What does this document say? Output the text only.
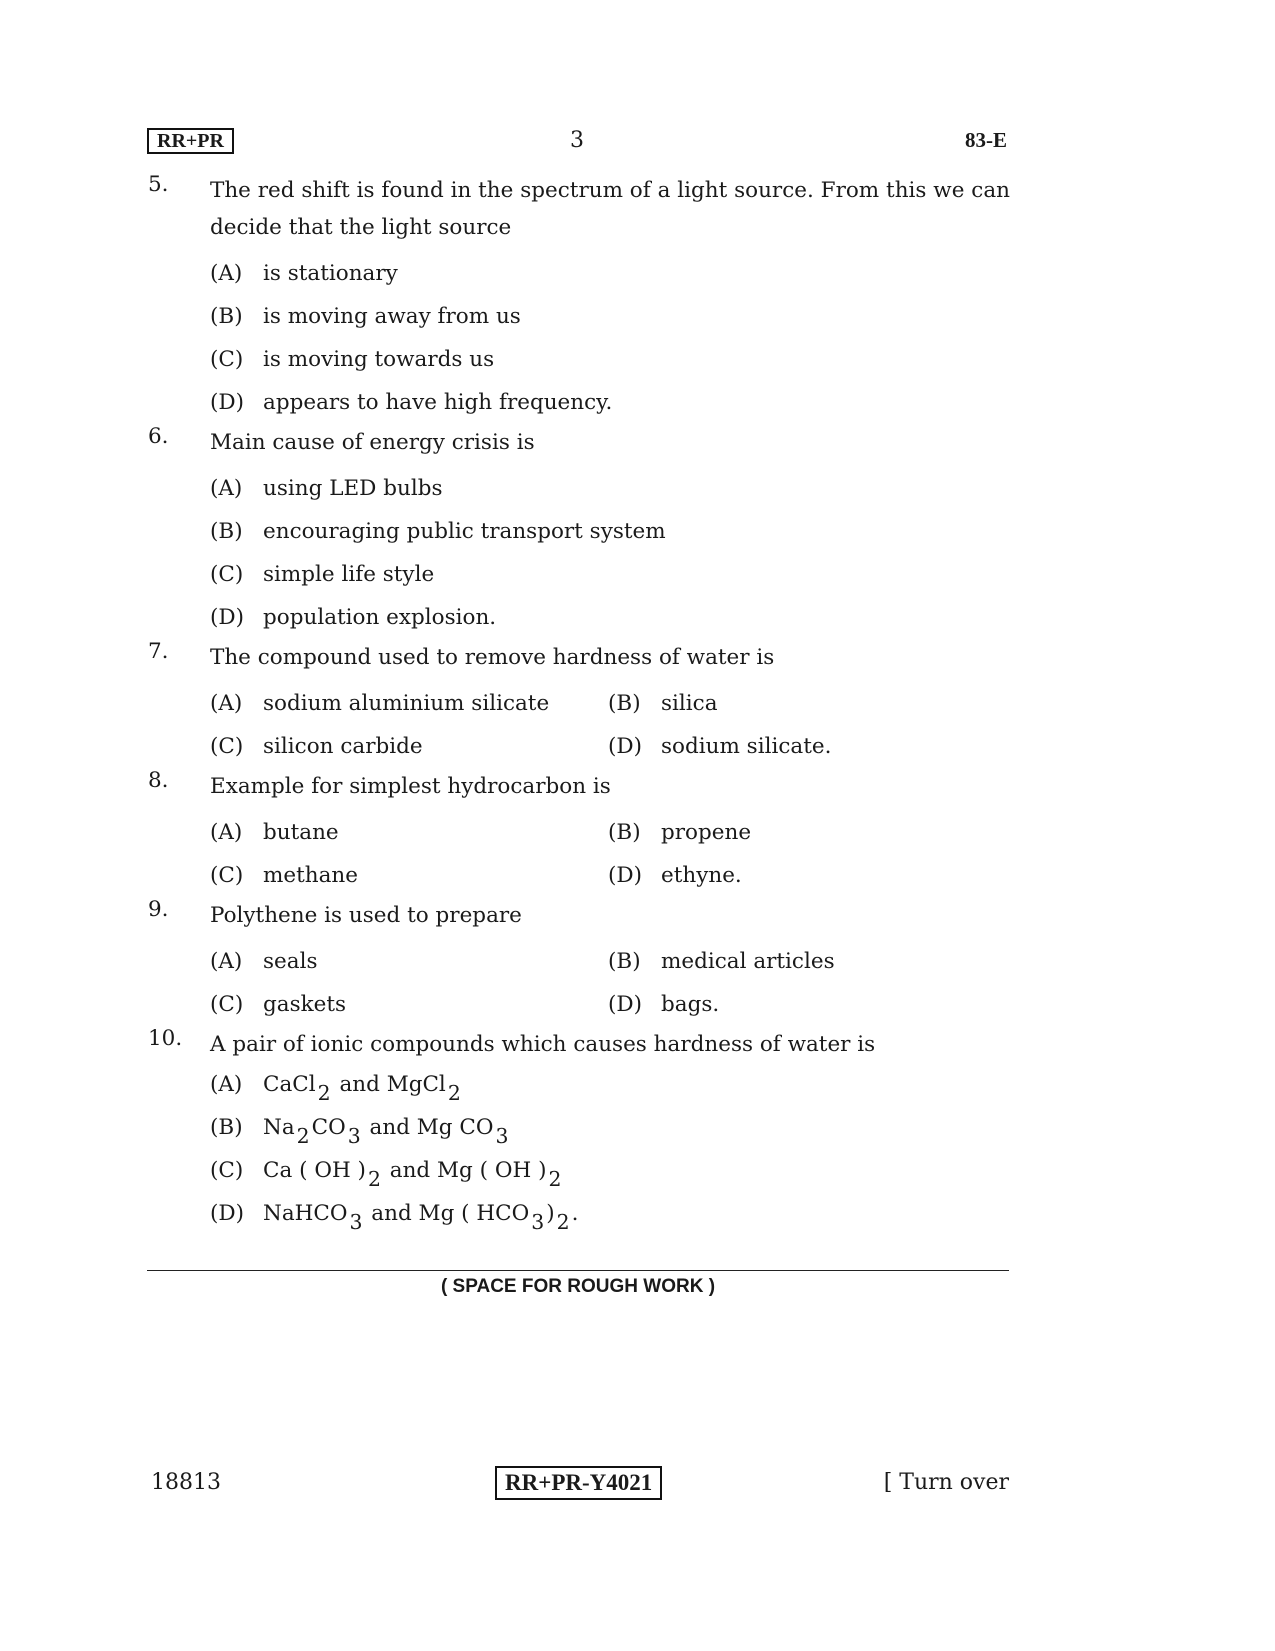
RR+PR	3	83-E
5. The red shift is found in the spectrum of a light source. From this we can decide that the light source
(A) is stationary
(B) is moving away from us
(C) is moving towards us
(D) appears to have high frequency.
6. Main cause of energy crisis is
(A) using LED bulbs
(B) encouraging public transport system
(C) simple life style
(D) population explosion.
7. The compound used to remove hardness of water is
(A) sodium aluminium silicate	(B) silica
(C) silicon carbide	(D) sodium silicate.
8. Example for simplest hydrocarbon is
(A) butane	(B) propene
(C) methane	(D) ethyne.
9. Polythene is used to prepare
(A) seals	(B) medical articles
(C) gaskets	(D) bags.
10. A pair of ionic compounds which causes hardness of water is
(A) CaCl$_2$ and MgCl$_2$
(B) $Na_2CO_3$ and Mg $CO_3$
(C) Ca ( OH )$_2$ and Mg ( OH )$_2$
(D) NaHCO$_3$ and Mg ( $HCO_3)_2$.
( SPACE FOR ROUGH WORK )
18813	RR+PR-Y4021	[ Turn over
